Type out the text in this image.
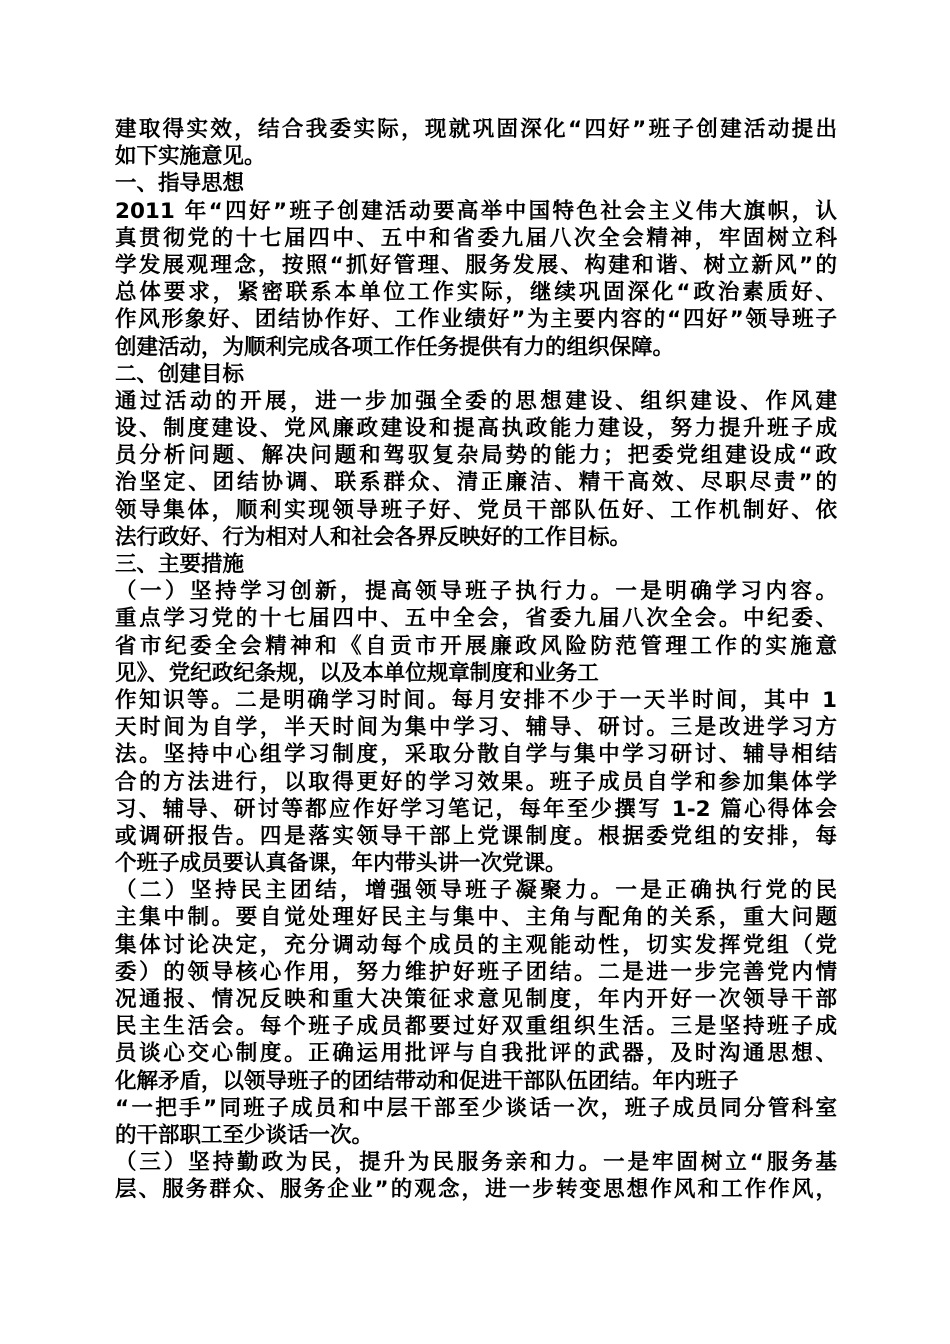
建取得实效，结合我委实际，现就巩固深化“四好”班子创建活动提出
如下实施意见。
一、指导思想
2011 年“四好”班子创建活动要高举中国特色社会主义伟大旗帜，认
真贯彻党的十七届四中、五中和省委九届八次全会精神，牢固树立科
学发展观理念，按照“抓好管理、服务发展、构建和谐、树立新风”的
总体要求，紧密联系本单位工作实际，继续巩固深化“政治素质好、
作风形象好、团结协作好、工作业绩好”为主要内容的“四好”领导班子
创建活动，为顺利完成各项工作任务提供有力的组织保障。
二、创建目标
通过活动的开展，进一步加强全委的思想建设、组织建设、作风建
设、制度建设、党风廉政建设和提高执政能力建设，努力提升班子成
员分析问题、解决问题和驾驭复杂局势的能力；把委党组建设成“政
治坚定、团结协调、联系群众、清正廉洁、精干高效、尽职尽责”的
领导集体，顺利实现领导班子好、党员干部队伍好、工作机制好、依
法行政好、行为相对人和社会各界反映好的工作目标。
三、主要措施
（一）坚持学习创新，提高领导班子执行力。一是明确学习内容。
重点学习党的十七届四中、五中全会，省委九届八次全会。中纪委、
省市纪委全会精神和《自贡市开展廉政风险防范管理工作的实施意
见》、党纪政纪条规，以及本单位规章制度和业务工
作知识等。二是明确学习时间。每月安排不少于一天半时间，其中 1
天时间为自学，半天时间为集中学习、辅导、研讨。三是改进学习方
法。坚持中心组学习制度，采取分散自学与集中学习研讨、辅导相结
合的方法进行，以取得更好的学习效果。班子成员自学和参加集体学
习、辅导、研讨等都应作好学习笔记，每年至少撰写 1-2 篇心得体会
或调研报告。四是落实领导干部上党课制度。根据委党组的安排，每
个班子成员要认真备课，年内带头讲一次党课。
（二）坚持民主团结，增强领导班子凝聚力。一是正确执行党的民
主集中制。要自觉处理好民主与集中、主角与配角的关系，重大问题
集体讨论决定，充分调动每个成员的主观能动性，切实发挥党组（党
委）的领导核心作用，努力维护好班子团结。二是进一步完善党内情
况通报、情况反映和重大决策征求意见制度，年内开好一次领导干部
民主生活会。每个班子成员都要过好双重组织生活。三是坚持班子成
员谈心交心制度。正确运用批评与自我批评的武器，及时沟通思想、
化解矛盾，以领导班子的团结带动和促进干部队伍团结。年内班子
“一把手”同班子成员和中层干部至少谈话一次，班子成员同分管科室
的干部职工至少谈话一次。
（三）坚持勤政为民，提升为民服务亲和力。一是牢固树立“服务基
层、服务群众、服务企业”的观念，进一步转变思想作风和工作作风，
